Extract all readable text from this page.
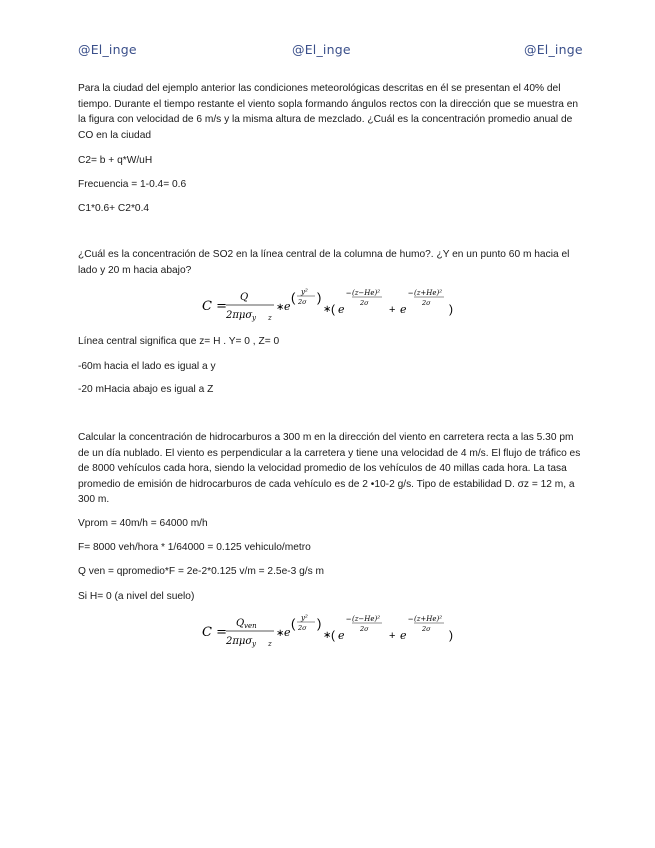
@El_inge	@El_inge	@El_inge

Para la ciudad del ejemplo anterior las condiciones meteorológicas descritas en él se presentan el 40% del tiempo. Durante el tiempo restante el viento sopla formando ángulos rectos con la dirección que se muestra en la figura con velocidad de 6 m/s y la misma altura de mezclado. ¿Cuál es la concentración promedio anual de CO en la ciudad

C2= b + q*W/uH
Frecuencia = 1-0.4= 0.6
C1*0.6+ C2*0.4

¿Cuál es la concentración de SO2 en la línea central de la columna de humo?. ¿Y en un punto 60 m hacia el lado y 20 m hacia abajo?

C =
Q
2πμσ y z
∗ e
( y²
2σ )
∗ ( e
− (z−He)²
2σ
+ e
− (z+He)²
2σ )
Línea central significa que z= H . Y= 0 , Z= 0
-60m hacia el lado es igual a y
-20 mHacia abajo es igual a Z

Calcular la concentración de hidrocarburos a 300 m en la dirección del viento en carretera recta a las 5.30 pm de un día nublado. El viento es perpendicular a la carretera y tiene una velocidad de 4 m/s. El flujo de tráfico es de 8000 vehículos cada hora, siendo la velocidad promedio de los vehículos de 40 millas cada hora. La tasa promedio de emisión de hidrocarburos de cada vehículo es de 2 •10-2 g/s. Tipo de estabilidad D. σz = 12 m, a 300 m.

Vprom = 40m/h = 64000 m/h
F= 8000 veh/hora * 1/64000 = 0.125 vehiculo/metro
Q ven = qpromedio*F = 2e-2*0.125 v/m = 2.5e-3 g/s m
Si H= 0 (a nivel del suelo)
C =
Q ven
2πμσ y z
∗ e
( y²
2σ )
∗ ( e
− (z−He)²
2σ
+ e
− (z+He)²
2σ )
